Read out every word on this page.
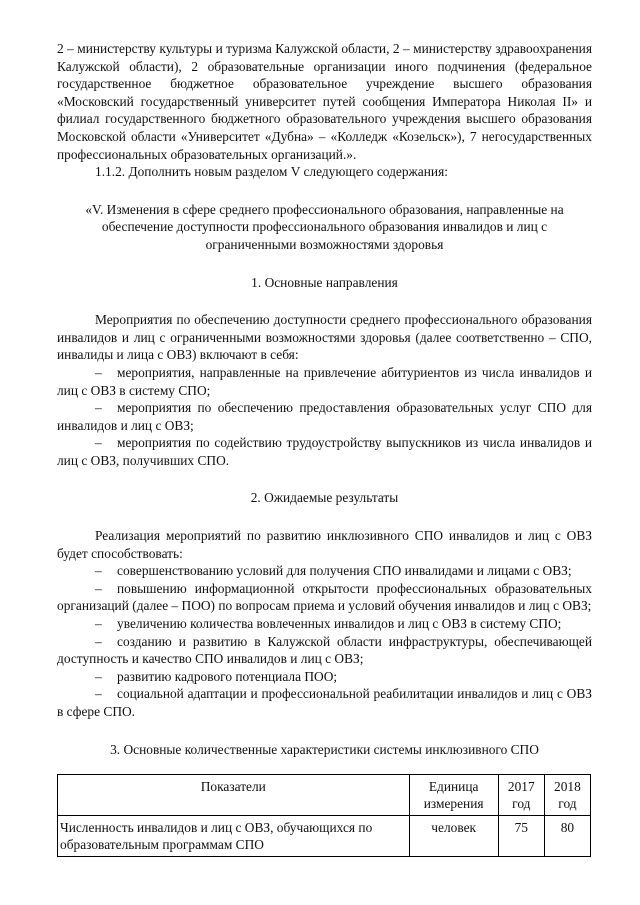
2 – министерству культуры и туризма Калужской области, 2 – министерству здравоохранения Калужской области), 2 образовательные организации иного подчинения (федеральное государственное бюджетное образовательное учреждение высшего образования «Московский государственный университет путей сообщения Императора Николая II» и филиал государственного бюджетного образовательного учреждения высшего образования Московской области «Университет «Дубна» – «Колледж «Козельск»), 7 негосударственных профессиональных образовательных организаций.».

1.1.2. Дополнить новым разделом V следующего содержания:

«V. Изменения в сфере среднего профессионального образования, направленные на обеспечение доступности профессионального образования инвалидов и лиц с ограниченными возможностями здоровья

1. Основные направления

Мероприятия по обеспечению доступности среднего профессионального образования инвалидов и лиц с ограниченными возможностями здоровья (далее соответственно – СПО, инвалиды и лица с ОВЗ) включают в себя:

– мероприятия, направленные на привлечение абитуриентов из числа инвалидов и лиц с ОВЗ в систему СПО;

– мероприятия по обеспечению предоставления образовательных услуг СПО для инвалидов и лиц с ОВЗ;

– мероприятия по содействию трудоустройству выпускников из числа инвалидов и лиц с ОВЗ, получивших СПО.

2. Ожидаемые результаты

Реализация мероприятий по развитию инклюзивного СПО инвалидов и лиц с ОВЗ будет способствовать:

– совершенствованию условий для получения СПО инвалидами и лицами с ОВЗ;

– повышению информационной открытости профессиональных образовательных организаций (далее – ПОО) по вопросам приема и условий обучения инвалидов и лиц с ОВЗ;

– увеличению количества вовлеченных инвалидов и лиц с ОВЗ в систему СПО;

– созданию и развитию в Калужской области инфраструктуры, обеспечивающей доступность и качество СПО инвалидов и лиц с ОВЗ;

– развитию кадрового потенциала ПОО;

– социальной адаптации и профессиональной реабилитации инвалидов и лиц с ОВЗ в сфере СПО.

3. Основные количественные характеристики системы инклюзивного СПО

Показатели	Единица измерения	2017 год	2018 год
Численность инвалидов и лиц с ОВЗ, обучающихся по образовательным программам СПО	человек	75	80
